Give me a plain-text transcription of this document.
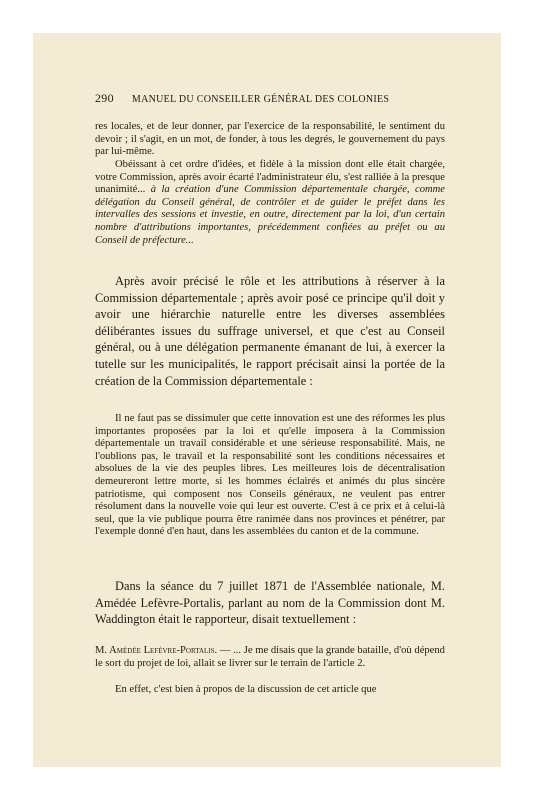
290 MANUEL DU CONSEILLER GÉNÉRAL DES COLONIES

res locales, et de leur donner, par l'exercice de la responsabilité, le sentiment du devoir ; il s'agit, en un mot, de fonder, à tous les degrés, le gouvernement du pays par lui-même.

Obéissant à cet ordre d'idées, et fidèle à la mission dont elle était chargée, votre Commission, après avoir écarté l'administrateur élu, s'est ralliée à la presque unanimité... à la création d'une Commission départementale chargée, comme délégation du Conseil général, de contrôler et de guider le préfet dans les intervalles des sessions et investie, en outre, directement par la loi, d'un certain nombre d'attributions importantes, précédemment confiées au préfet ou au Conseil de préfecture...

Après avoir précisé le rôle et les attributions à réserver à la Commission départementale ; après avoir posé ce principe qu'il doit y avoir une hiérarchie naturelle entre les diverses assemblées délibérantes issues du suffrage universel, et que c'est au Conseil général, ou à une délégation permanente émanant de lui, à exercer la tutelle sur les municipalités, le rapport précisait ainsi la portée de la création de la Commission départementale :

Il ne faut pas se dissimuler que cette innovation est une des réformes les plus importantes proposées par la loi et qu'elle imposera à la Commission départementale un travail considérable et une sérieuse responsabilité. Mais, ne l'oublions pas, le travail et la responsabilité sont les conditions nécessaires et absolues de la vie des peuples libres. Les meilleures lois de décentralisation demeureront lettre morte, si les hommes éclairés et animés du plus sincère patriotisme, qui composent nos Conseils généraux, ne veulent pas entrer résolument dans la nouvelle voie qui leur est ouverte. C'est à ce prix et à celui-là seul, que la vie publique pourra être ranimée dans nos provinces et pénétrer, par l'exemple donné d'en haut, dans les assemblées du canton et de la commune.

Dans la séance du 7 juillet 1871 de l'Assemblée nationale, M. Amédée Lefèvre-Portalis, parlant au nom de la Commission dont M. Waddington était le rapporteur, disait textuellement :

M. Amédée Lefèvre-Portalis. — ... Je me disais que la grande bataille, d'où dépend le sort du projet de loi, allait se livrer sur le terrain de l'article 2.

En effet, c'est bien à propos de la discussion de cet article que
